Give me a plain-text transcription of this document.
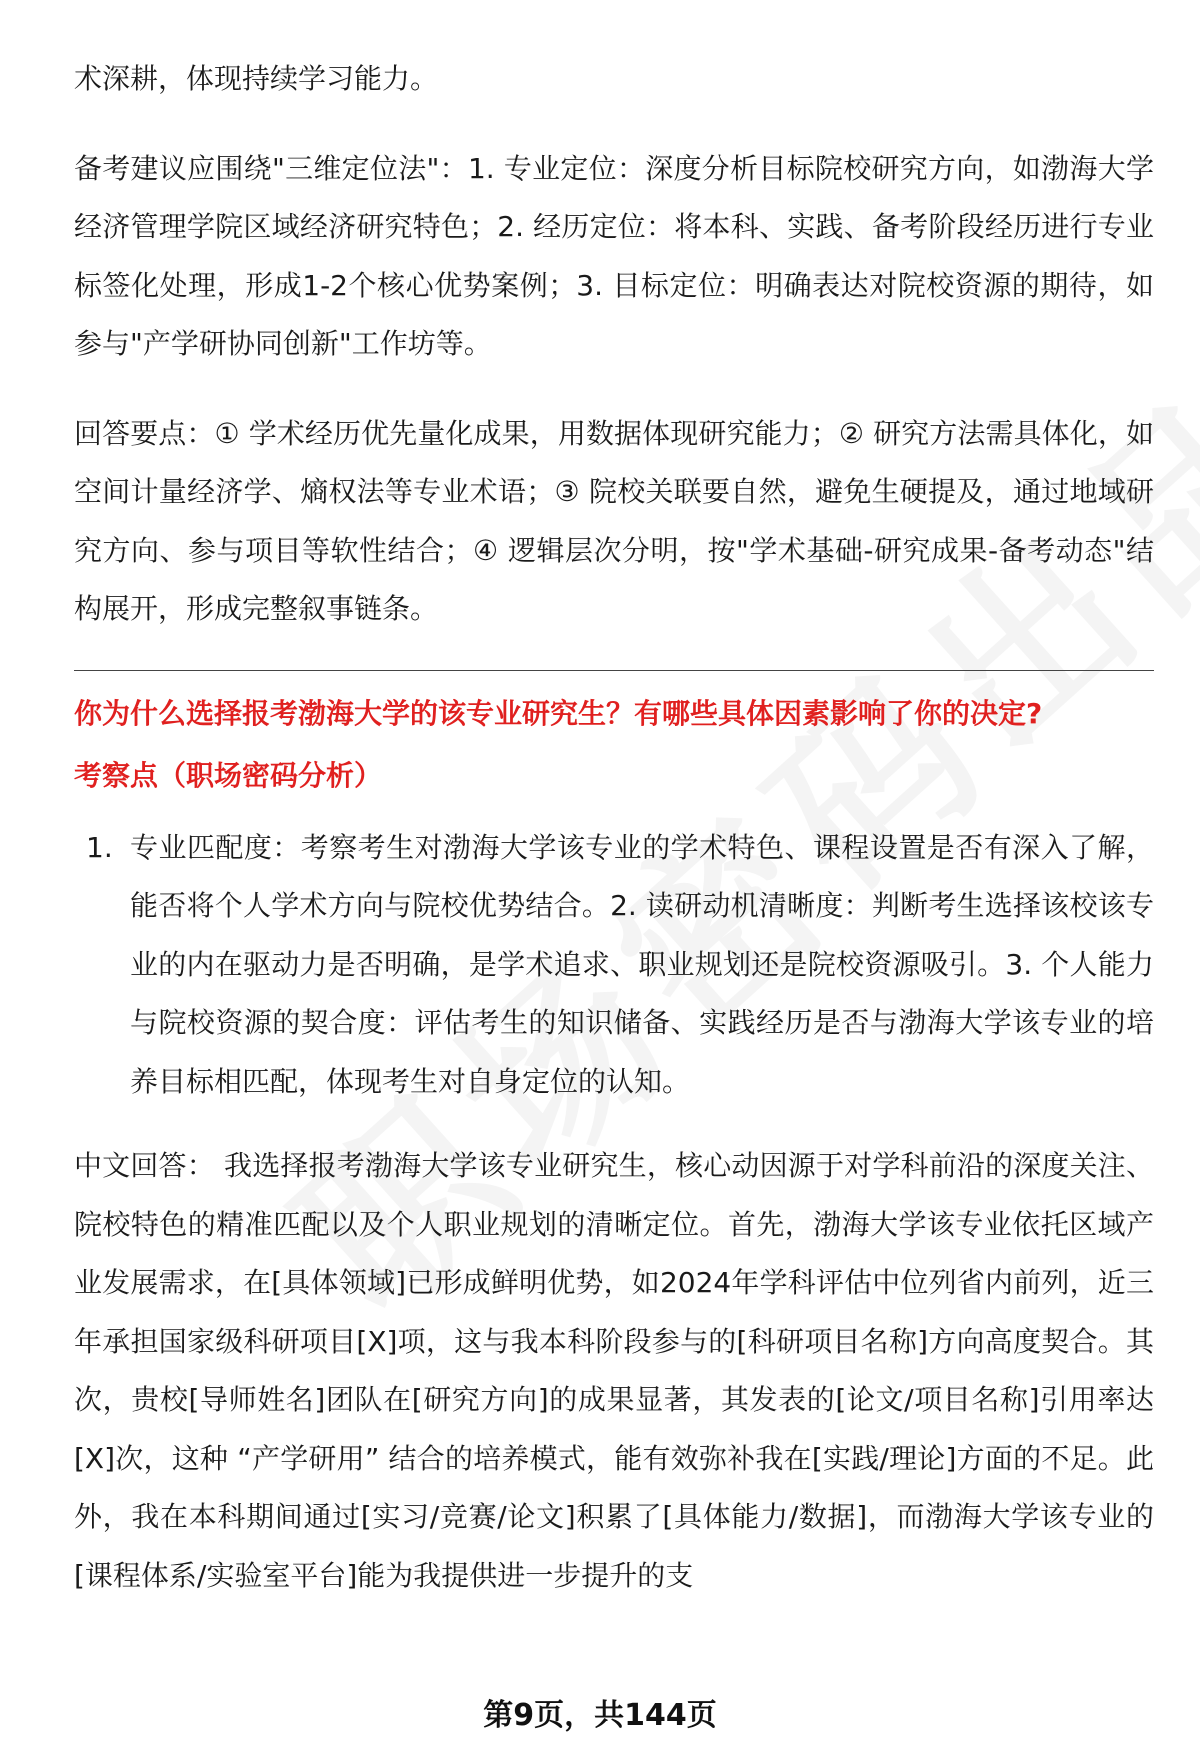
术深耕，体现持续学习能力。

备考建议应围绕"三维定位法"：1. 专业定位：深度分析目标院校研究方向，如渤海大学经济管理学院区域经济研究特色；2. 经历定位：将本科、实践、备考阶段经历进行专业标签化处理，形成1-2个核心优势案例；3. 目标定位：明确表达对院校资源的期待，如参与"产学研协同创新"工作坊等。

回答要点：① 学术经历优先量化成果，用数据体现研究能力；② 研究方法需具体化，如空间计量经济学、熵权法等专业术语；③ 院校关联要自然，避免生硬提及，通过地域研究方向、参与项目等软性结合；④ 逻辑层次分明，按"学术基础-研究成果-备考动态"结构展开，形成完整叙事链条。

你为什么选择报考渤海大学的该专业研究生？有哪些具体因素影响了你的决定?
考察点（职场密码分析）
1. 专业匹配度：考察考生对渤海大学该专业的学术特色、课程设置是否有深入了解，能否将个人学术方向与院校优势结合。2. 读研动机清晰度：判断考生选择该校该专业的内在驱动力是否明确，是学术追求、职业规划还是院校资源吸引。3. 个人能力与院校资源的契合度：评估考生的知识储备、实践经历是否与渤海大学该专业的培养目标相匹配，体现考生对自身定位的认知。

中文回答： 我选择报考渤海大学该专业研究生，核心动因源于对学科前沿的深度关注、院校特色的精准匹配以及个人职业规划的清晰定位。首先，渤海大学该专业依托区域产业发展需求，在[具体领域]已形成鲜明优势，如2024年学科评估中位列省内前列，近三年承担国家级科研项目[X]项，这与我本科阶段参与的[科研项目名称]方向高度契合。其次，贵校[导师姓名]团队在[研究方向]的成果显著，其发表的[论文/项目名称]引用率达[X]次，这种 “产学研用” 结合的培养模式，能有效弥补我在[实践/理论]方面的不足。此外，我在本科期间通过[实习/竞赛/论文]积累了[具体能力/数据]，而渤海大学该专业的[课程体系/实验室平台]能为我提供进一步提升的支

第9页，共144页
